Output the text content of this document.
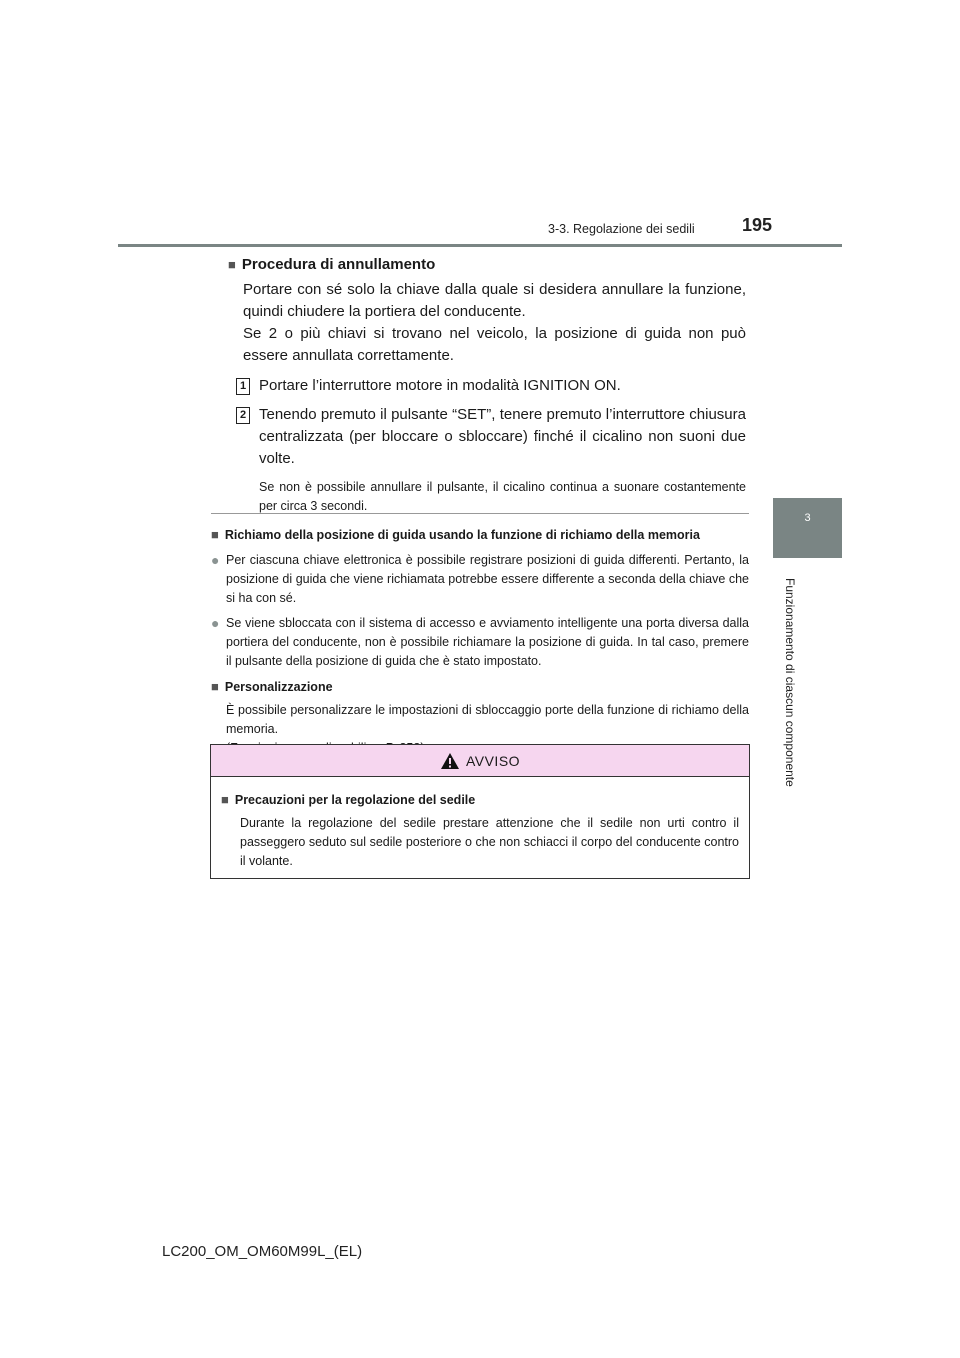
3-3. Regolazione dei sedili	195
3
Funzionamento di ciascun componente
■ Procedura di annullamento
Portare con sé solo la chiave dalla quale si desidera annullare la funzione, quindi chiudere la portiera del conducente.
Se 2 o più chiavi si trovano nel veicolo, la posizione di guida non può essere annullata correttamente.
1 Portare l’interruttore motore in modalità IGNITION ON.
2 Tenendo premuto il pulsante “SET”, tenere premuto l’interruttore chiusura centralizzata (per bloccare o sbloccare) finché il cicalino non suoni due volte.
Se non è possibile annullare il pulsante, il cicalino continua a suonare costantemente per circa 3 secondi.
■ Richiamo della posizione di guida usando la funzione di richiamo della memoria
● Per ciascuna chiave elettronica è possibile registrare posizioni di guida differenti. Pertanto, la posizione di guida che viene richiamata potrebbe essere differente a seconda della chiave che si ha con sé.
● Se viene sbloccata con il sistema di accesso e avviamento intelligente una porta diversa dalla portiera del conducente, non è possibile richiamare la posizione di guida. In tal caso, premere il pulsante della posizione di guida che è stato impostato.
■ Personalizzazione
È possibile personalizzare le impostazioni di sbloccaggio porte della funzione di richiamo della memoria.
AVVISO
■ Precauzioni per la regolazione del sedile
Durante la regolazione del sedile prestare attenzione che il sedile non urti contro il passeggero seduto sul sedile posteriore o che non schiacci il corpo del conducente contro il volante.
LC200_OM_OM60M99L_(EL)
